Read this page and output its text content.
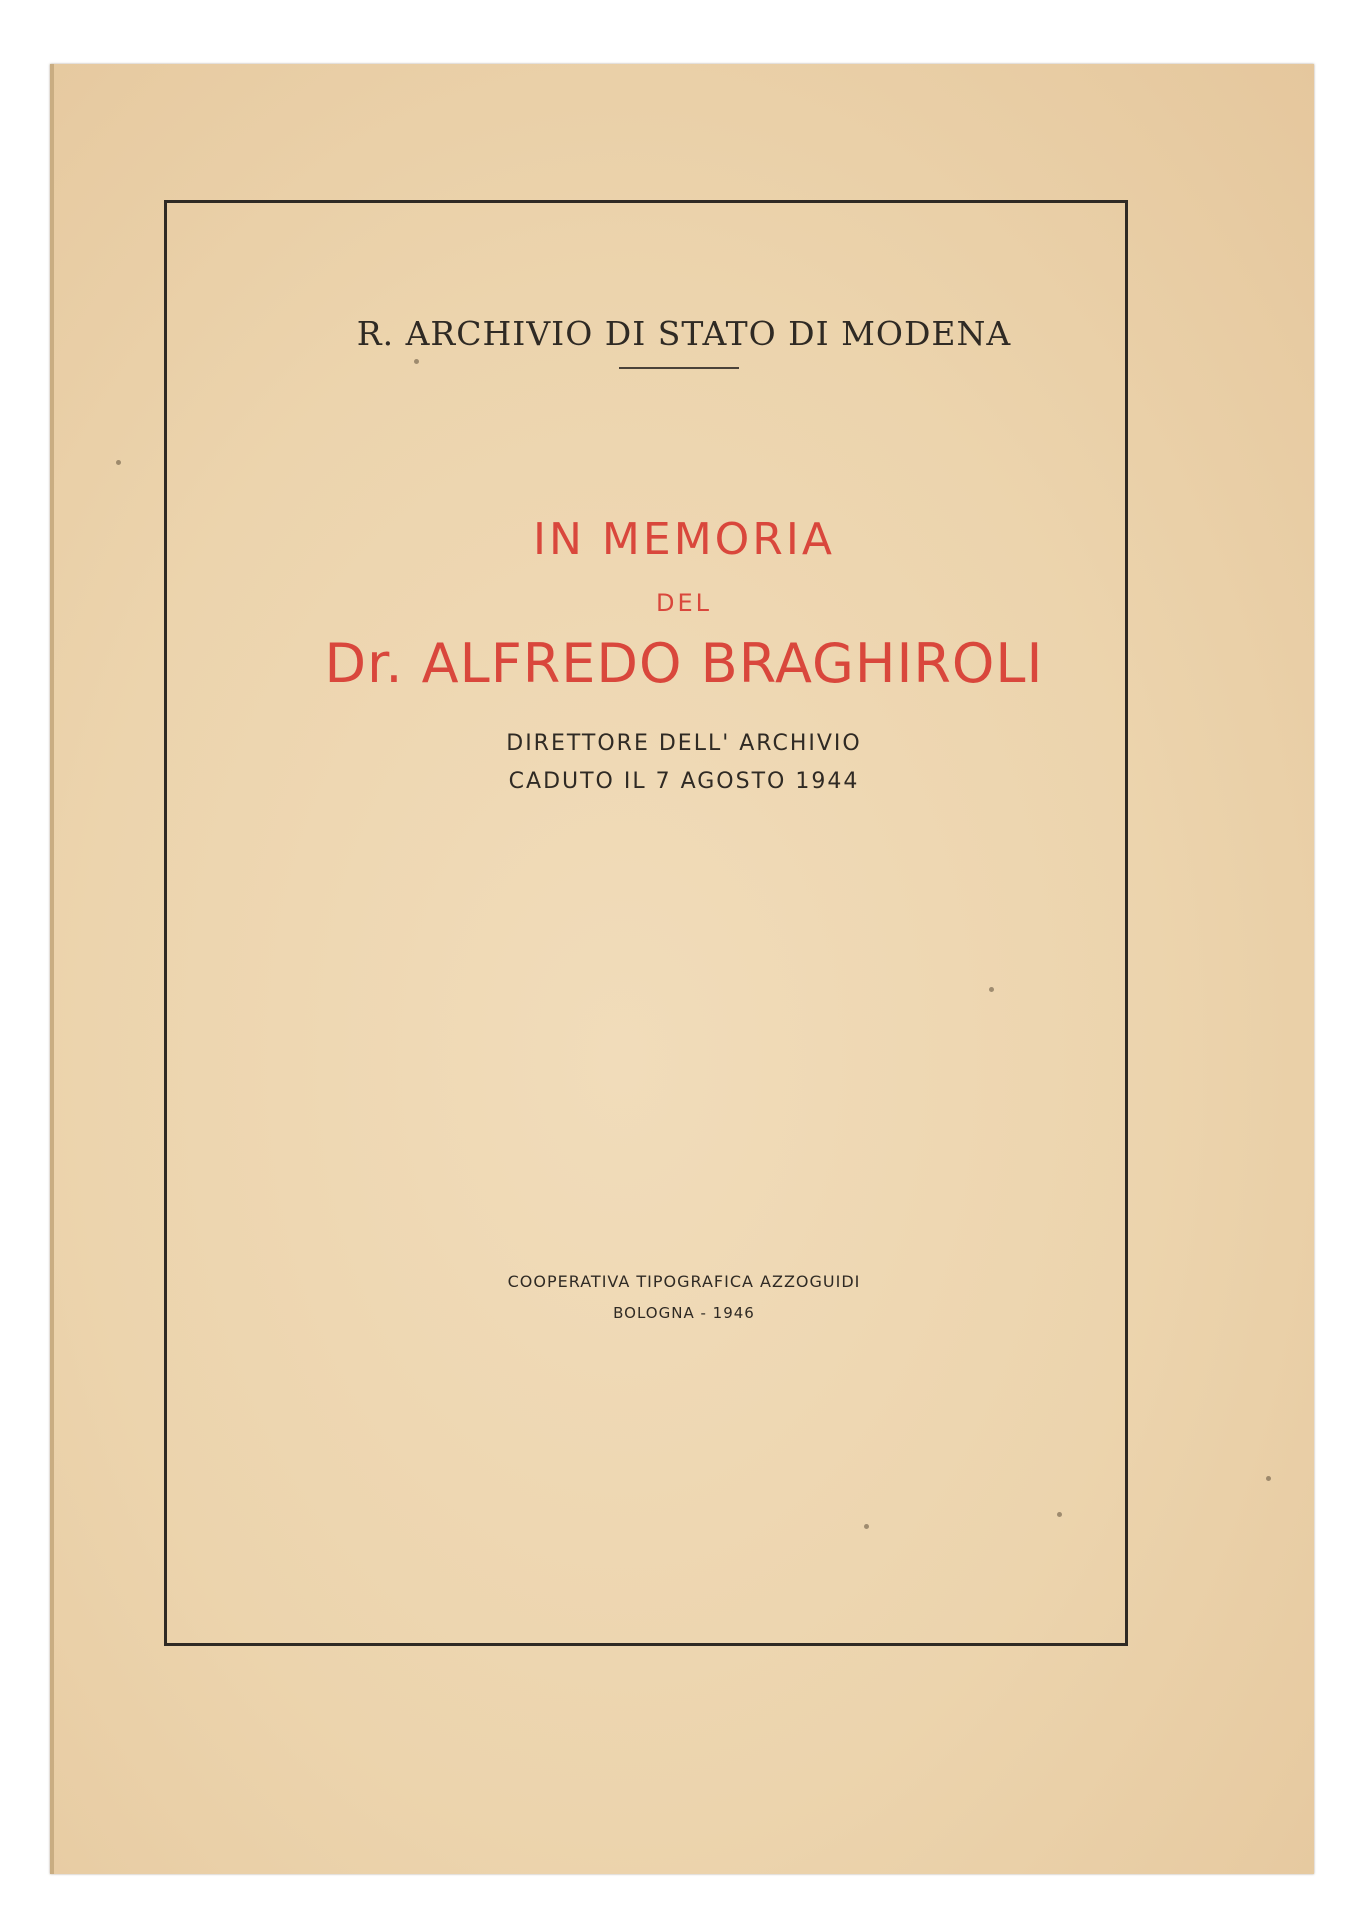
R. ARCHIVIO DI STATO DI MODENA
IN MEMORIA
DEL
Dr. ALFREDO BRAGHIROLI
DIRETTORE DELL' ARCHIVIO
CADUTO IL 7 AGOSTO 1944
COOPERATIVA TIPOGRAFICA AZZOGUIDI
BOLOGNA - 1946
